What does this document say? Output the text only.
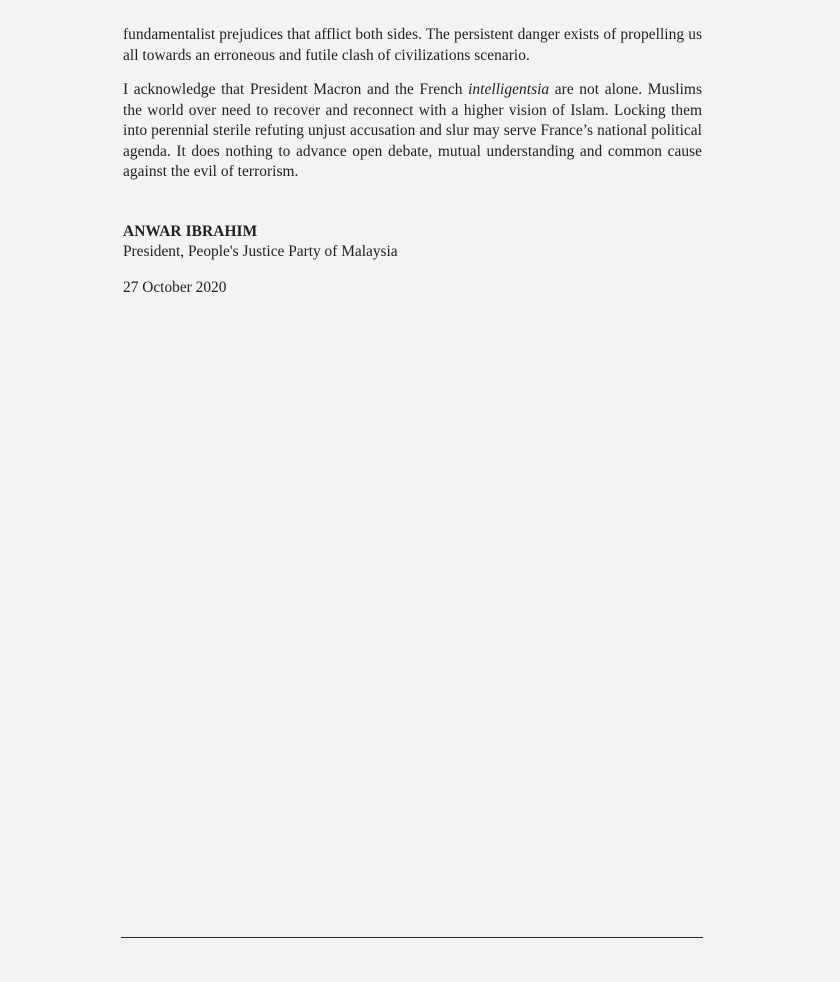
fundamentalist prejudices that afflict both sides. The persistent danger exists of propelling us all towards an erroneous and futile clash of civilizations scenario.

I acknowledge that President Macron and the French intelligentsia are not alone. Muslims the world over need to recover and reconnect with a higher vision of Islam. Locking them into perennial sterile refuting unjust accusation and slur may serve France’s national political agenda. It does nothing to advance open debate, mutual understanding and common cause against the evil of terrorism.

ANWAR IBRAHIM
President, People's Justice Party of Malaysia
27 October 2020
